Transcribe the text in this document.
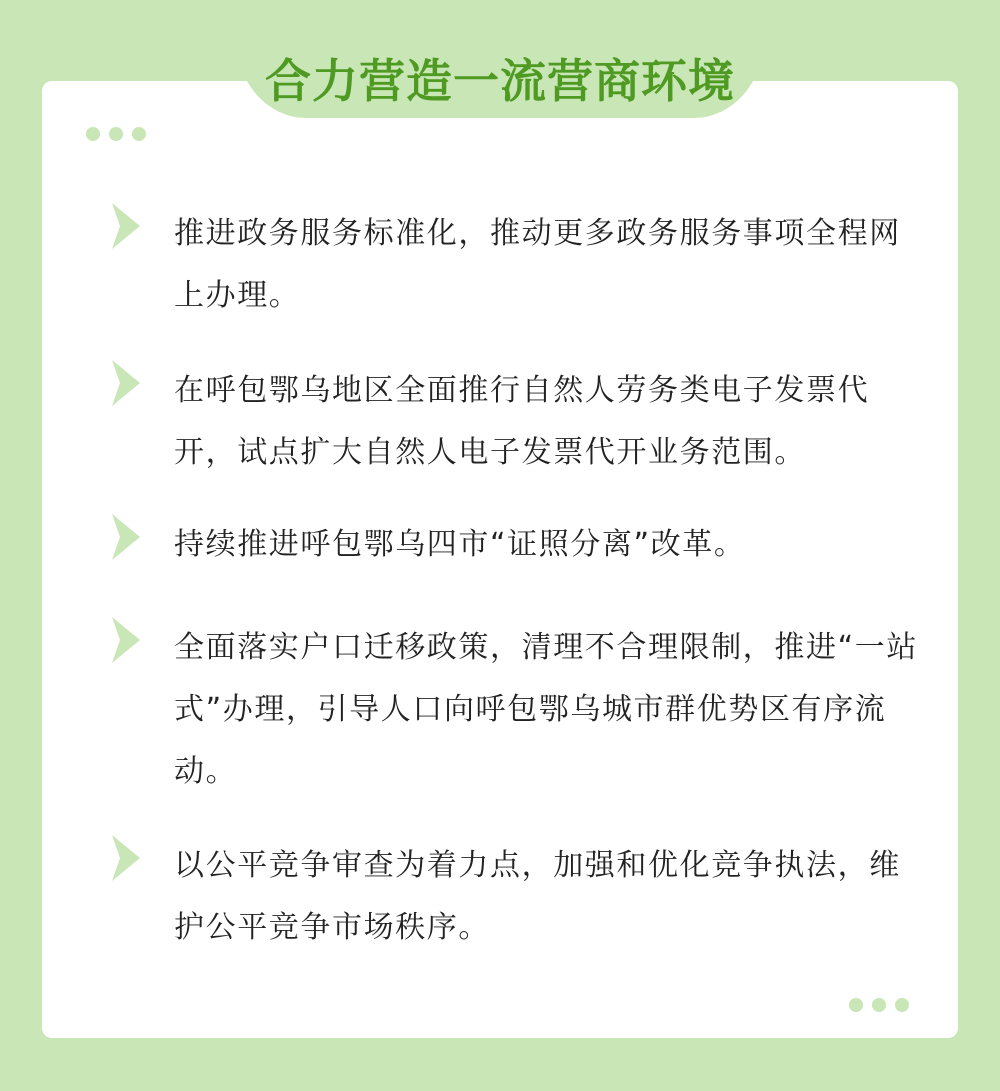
合力营造一流营商环境

推进政务服务标准化，推动更多政务服务事项全程网上办理。

在呼包鄂乌地区全面推行自然人劳务类电子发票代开，试点扩大自然人电子发票代开业务范围。

持续推进呼包鄂乌四市“证照分离”改革。

全面落实户口迁移政策，清理不合理限制，推进“一站式”办理，引导人口向呼包鄂乌城市群优势区有序流动。

以公平竞争审查为着力点，加强和优化竞争执法，维护公平竞争市场秩序。
